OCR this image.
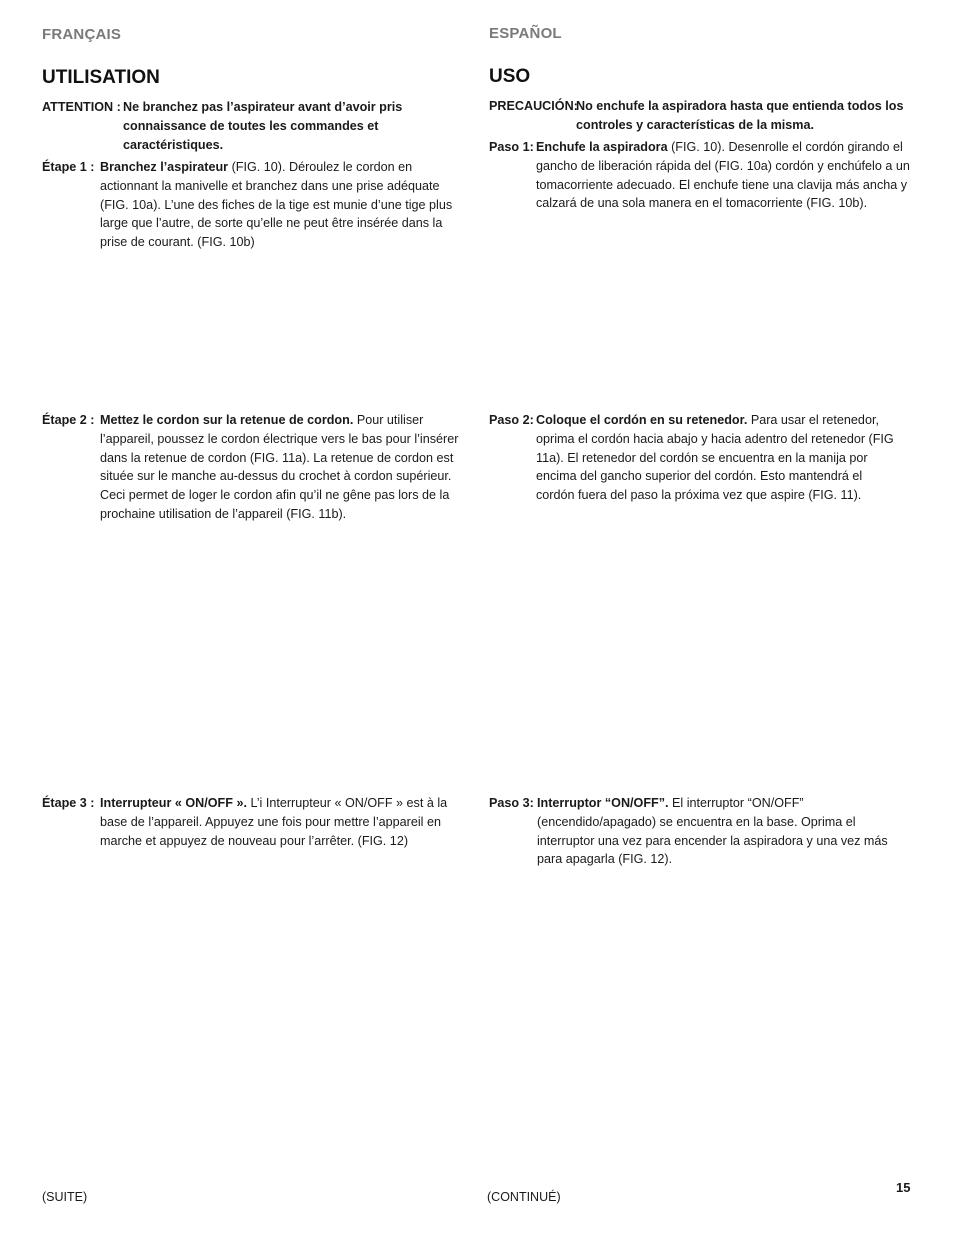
FRANÇAIS
UTILISATION
ATTENTION : Ne branchez pas l’aspirateur avant d’avoir pris connaissance de toutes les commandes et caractéristiques.
Étape 1 : Branchez l’aspirateur (FIG. 10). Déroulez le cordon en actionnant la manivelle et branchez dans une prise adéquate (FIG. 10a). L’une des fiches de la tige est munie d’une tige plus large que l’autre, de sorte qu’elle ne peut être insérée dans la prise de courant. (FIG. 10b)
Étape 2 : Mettez le cordon sur la retenue de cordon. Pour utiliser l’appareil, poussez le cordon électrique vers le bas pour l’insérer dans la retenue de cordon (FIG. 11a). La retenue de cordon est située sur le manche au-dessus du crochet à cordon supérieur. Ceci permet de loger le cordon afin qu’il ne gêne pas lors de la prochaine utilisation de l’appareil (FIG. 11b).
Étape 3 : Interrupteur « ON/OFF ». L’i Interrupteur « ON/OFF » est à la base de l’appareil. Appuyez une fois pour mettre l’appareil en marche et appuyez de nouveau pour l’arrêter. (FIG. 12)
(SUITE)
ESPAÑOL
USO
PRECAUCIÓN:
No enchufe la aspiradora hasta que entienda todos los controles y características de la misma.
Paso 1: Enchufe la aspiradora (FIG. 10). Desenrolle el cordón girando el gancho de liberación rápida del (FIG. 10a) cordón y enchúfelo a un tomacorriente adecuado. El enchufe tiene una clavija más ancha y calzará de una sola manera en el tomacorriente (FIG. 10b).
Paso 2: Coloque el cordón en su retenedor. Para usar el retenedor, oprima el cordón hacia abajo y hacia adentro del retenedor (FIG 11a). El retenedor del cordón se encuentra en la manija por encima del gancho superior del cordón. Esto mantendrá el cordón fuera del paso la próxima vez que aspire (FIG. 11).
Paso 3: Interruptor “ON/OFF”. El interruptor “ON/OFF” (encendido/apagado) se encuentra en la base. Oprima el interruptor una vez para encender la aspiradora y una vez más para apagarla (FIG. 12).
(CONTINUÉ)
15
